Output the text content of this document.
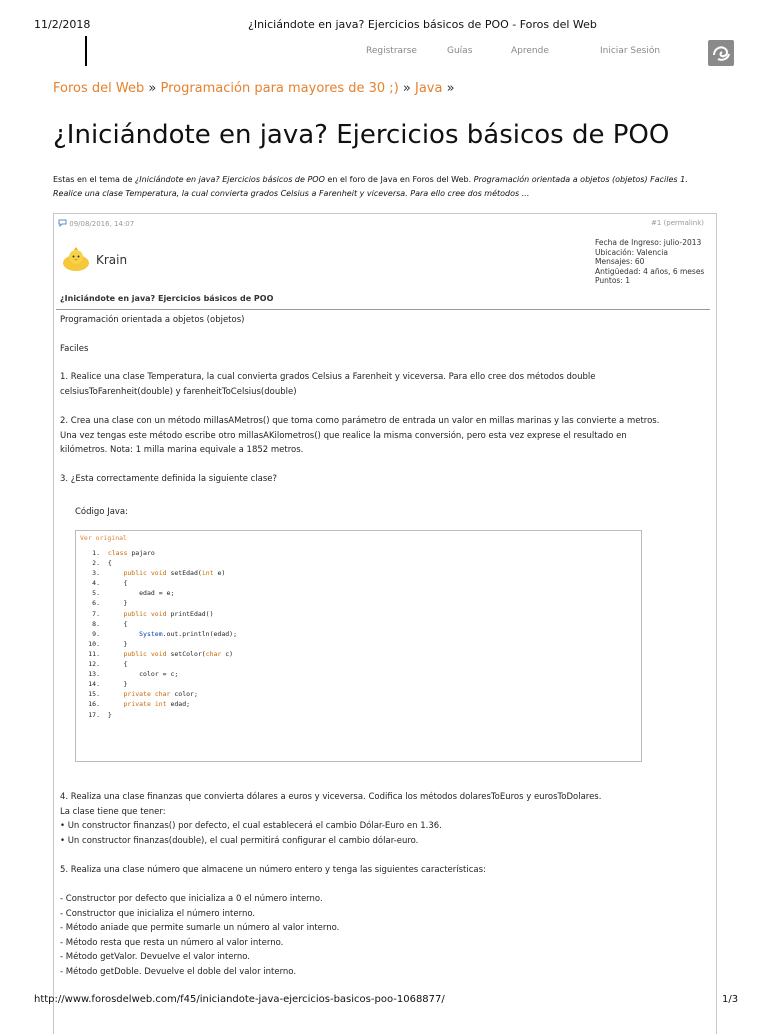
11/2/2018	¿Iniciándote en java? Ejercicios básicos de POO - Foros del Web
Registrarse	Guías	Aprende	Iniciar Sesión
Foros del Web » Programación para mayores de 30 ;) » Java »
¿Iniciándote en java? Ejercicios básicos de POO
Estas en el tema de ¿Iniciándote en java? Ejercicios básicos de POO en el foro de Java en Foros del Web. Programación orientada a objetos (objetos) Faciles 1. Realice una clase Temperatura, la cual convierta grados Celsius a Farenheit y viceversa. Para ello cree dos métodos ...
09/08/2016, 14:07	#1 (permalink)
Krain
Fecha de Ingreso: julio-2013
Ubicación: Valencia
Mensajes: 60
Antigüedad: 4 años, 6 meses
Puntos: 1
¿Iniciándote en java? Ejercicios básicos de POO
Programación orientada a objetos (objetos)
Faciles
1. Realice una clase Temperatura, la cual convierta grados Celsius a Farenheit y viceversa. Para ello cree dos métodos double
celsiusToFarenheit(double) y farenheitToCelsius(double)
2. Crea una clase con un método millasAMetros() que toma como parámetro de entrada un valor en millas marinas y las convierte a metros.
Una vez tengas este método escribe otro millasAKilometros() que realice la misma conversión, pero esta vez exprese el resultado en
kilómetros. Nota: 1 milla marina equivale a 1852 metros.
3. ¿Esta correctamente definida la siguiente clase?
Código Java:
Ver original
1. class pajaro
2.  {
3.	public void setEdad(int e)
4.      {
5.          edad = e;
6.      }
7.	public void printEdad()
8.      {
9.	System.out.println(edad);
10.      }
11.	public void setColor(char c)
12.      {
13.          color = c;
14.      }
15.	private char color;
16.	private int edad;
17.  }
4. Realiza una clase finanzas que convierta dólares a euros y viceversa. Codifica los métodos dolaresToEuros y eurosToDolares.
La clase tiene que tener:
• Un constructor finanzas() por defecto, el cual establecerá el cambio Dólar-Euro en 1.36.
• Un constructor finanzas(double), el cual permitirá configurar el cambio dólar-euro.
5. Realiza una clase número que almacene un número entero y tenga las siguientes características:
- Constructor por defecto que inicializa a 0 el número interno.
- Constructor que inicializa el número interno.
- Método aniade que permite sumarle un número al valor interno.
- Método resta que resta un número al valor interno.
- Método getValor. Devuelve el valor interno.
- Método getDoble. Devuelve el doble del valor interno.
http://www.forosdelweb.com/f45/iniciandote-java-ejercicios-basicos-poo-1068877/	1/3
